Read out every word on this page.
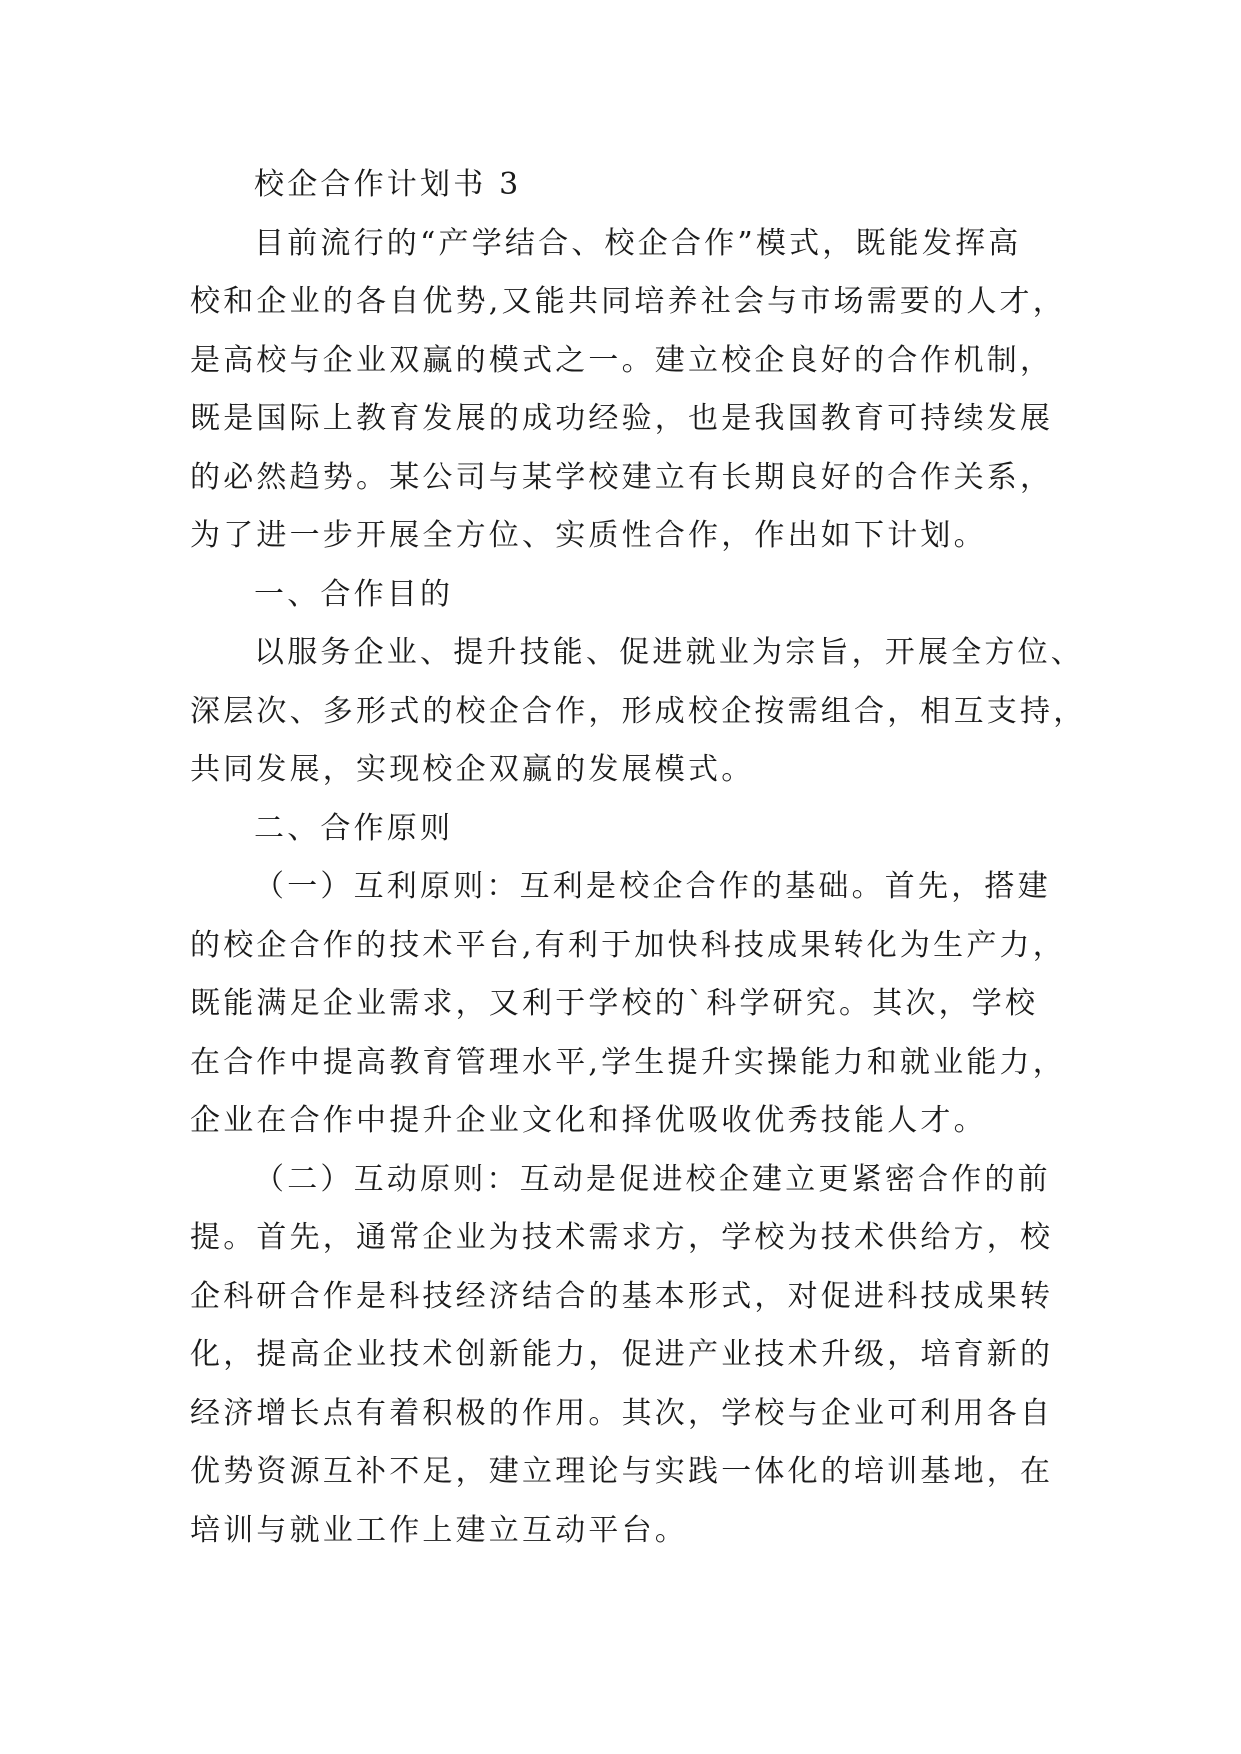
校企合作计划书 3
目前流行的“产学结合、校企合作”模式，既能发挥高
校和企业的各自优势,又能共同培养社会与市场需要的人才，
是高校与企业双赢的模式之一。建立校企良好的合作机制，
既是国际上教育发展的成功经验，也是我国教育可持续发展
的必然趋势。某公司与某学校建立有长期良好的合作关系，
为了进一步开展全方位、实质性合作，作出如下计划。
一、合作目的
以服务企业、提升技能、促进就业为宗旨，开展全方位、
深层次、多形式的校企合作，形成校企按需组合，相互支持，
共同发展，实现校企双赢的发展模式。
二、合作原则
（一）互利原则：互利是校企合作的基础。首先，搭建
的校企合作的技术平台,有利于加快科技成果转化为生产力，
既能满足企业需求，又利于学校的`科学研究。其次，学校
在合作中提高教育管理水平,学生提升实操能力和就业能力，
企业在合作中提升企业文化和择优吸收优秀技能人才。
（二）互动原则：互动是促进校企建立更紧密合作的前
提。首先，通常企业为技术需求方，学校为技术供给方，校
企科研合作是科技经济结合的基本形式，对促进科技成果转
化，提高企业技术创新能力，促进产业技术升级，培育新的
经济增长点有着积极的作用。其次，学校与企业可利用各自
优势资源互补不足，建立理论与实践一体化的培训基地，在
培训与就业工作上建立互动平台。
